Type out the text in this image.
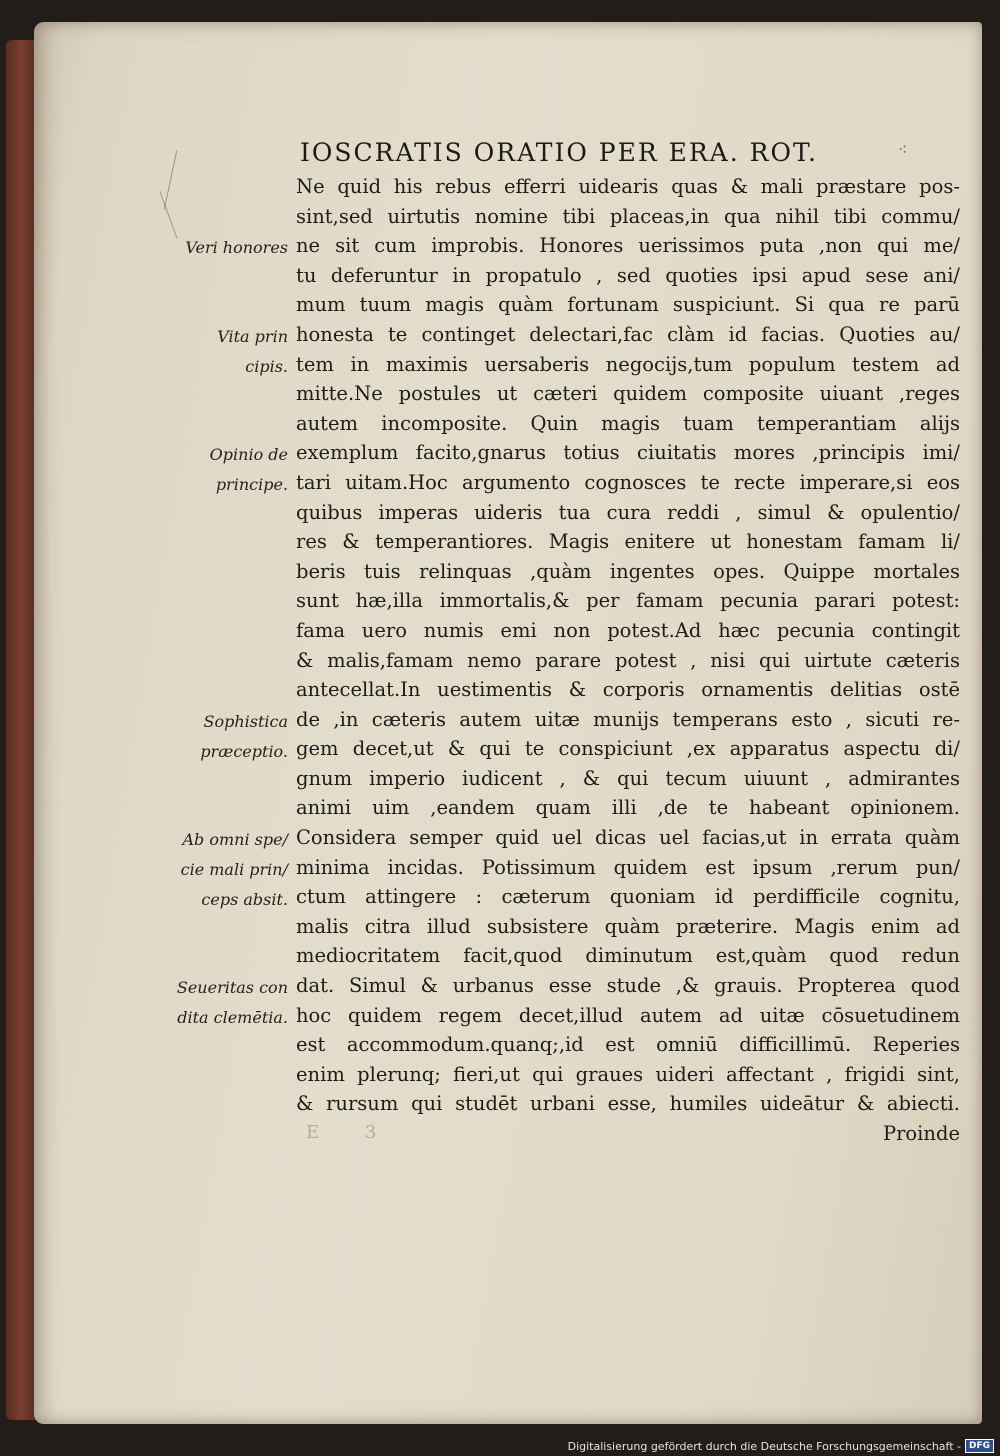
IOSCRATIS ORATIO PER ERA. ROT.	⁖
Ne quid his rebus efferri uidearis quas & mali præstare pos-
sint,sed uirtutis nomine tibi placeas,in qua nihil tibi commu/
ne sit cum improbis. Honores uerissimos puta ,non qui me/
tu deferuntur in propatulo , sed quoties ipsi apud sese ani/
mum tuum magis quàm fortunam suspiciunt. Si qua re parū
honesta te continget delectari,fac clàm id facias. Quoties au/
tem in maximis uersaberis negocijs,tum populum testem ad
mitte.Ne postules ut cæteri quidem composite uiuant ,reges
autem incomposite. Quin magis tuam temperantiam alijs
exemplum facito,gnarus totius ciuitatis mores ,principis imi/
tari uitam.Hoc argumento cognosces te recte imperare,si eos
quibus imperas uideris tua cura reddi , simul & opulentio/
res & temperantiores. Magis enitere ut honestam famam li/
beris tuis relinquas ,quàm ingentes opes. Quippe mortales
sunt hæ,illa immortalis,& per famam pecunia parari potest:
fama uero numis emi non potest.Ad hæc pecunia contingit
& malis,famam nemo parare potest , nisi qui uirtute cæteris
antecellat.In uestimentis & corporis ornamentis delitias ostē
de ,in cæteris autem uitæ munijs temperans esto , sicuti re-
gem decet,ut & qui te conspiciunt ,ex apparatus aspectu di/
gnum imperio iudicent , & qui tecum uiuunt , admirantes
animi uim ,eandem quam illi ,de te habeant opinionem.
Considera semper quid uel dicas uel facias,ut in errata quàm
minima incidas. Potissimum quidem est ipsum ,rerum pun/
ctum attingere : cæterum quoniam id perdifficile cognitu,
malis citra illud subsistere quàm præterire. Magis enim ad
mediocritatem facit,quod diminutum est,quàm quod redun
dat. Simul & urbanus esse stude ,& grauis. Propterea quod
hoc quidem regem decet,illud autem ad uitæ cōsuetudinem
est accommodum.quanq;,id est omniū difficillimū. Reperies
enim plerunq; fieri,ut qui graues uideri affectant , frigidi sint,
& rursum qui studēt urbani esse, humiles uideātur & abiecti.
Proinde
Veri honores
Vita prin
cipis.
Opinio de
principe.
Sophistica
præceptio.
Ab omni spe/
cie mali prin/
ceps absit.
Seueritas con
dita clemētia.
E 3
Digitalisierung gefördert durch die Deutsche Forschungsgemeinschaft - DFG
